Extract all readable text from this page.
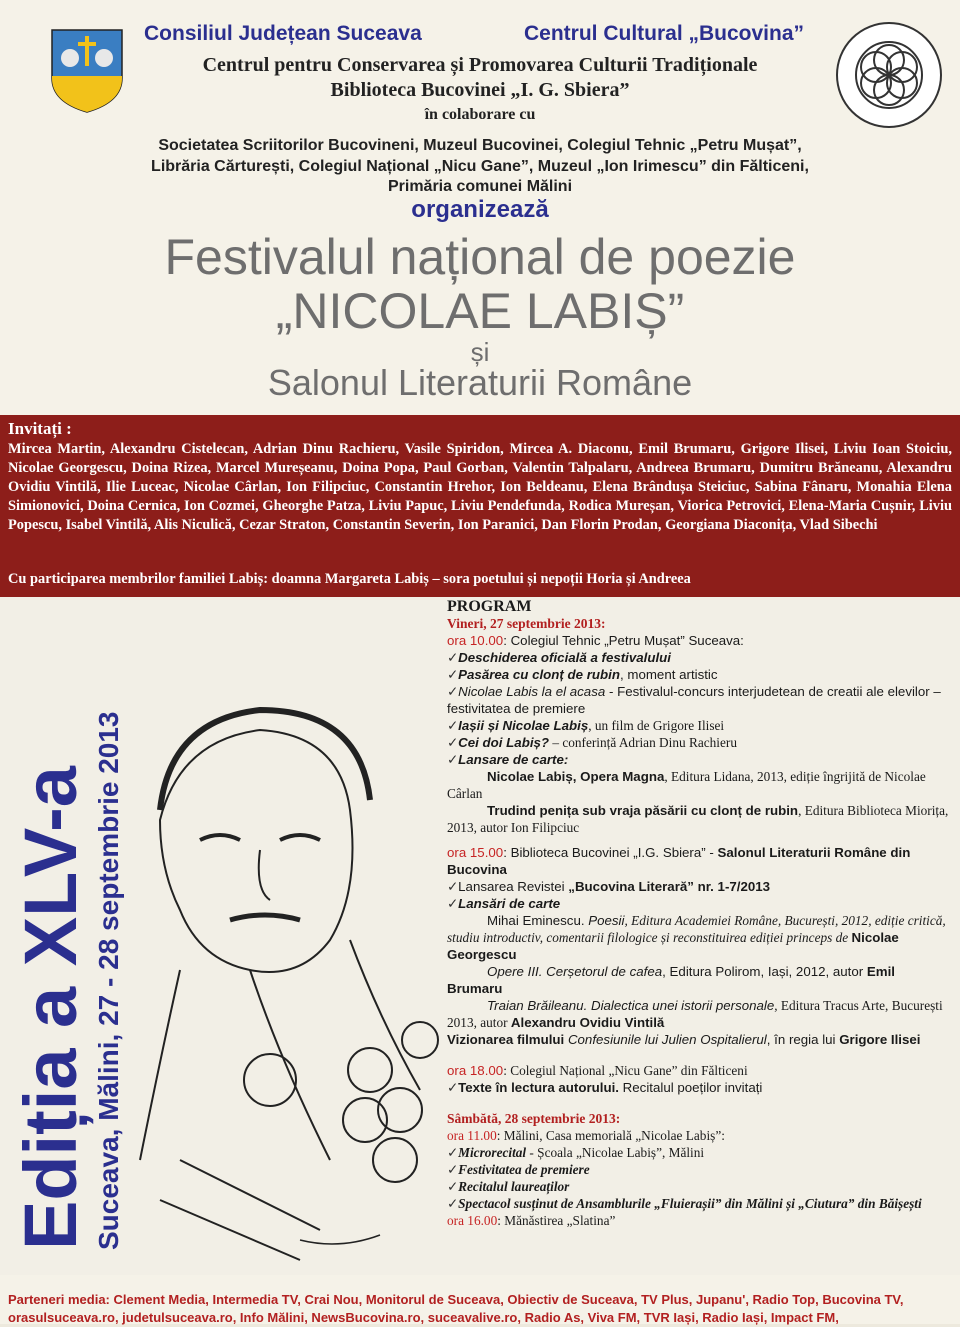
Consiliul Județean Suceava	Centrul Cultural „Bucovina”
Centrul pentru Conservarea și Promovarea Culturii Tradiționale
Biblioteca Bucovinei „I. G. Sbiera”
în colaborare cu
Societatea Scriitorilor Bucovineni, Muzeul Bucovinei, Colegiul Tehnic „Petru Mușat”,
Librăria Cărturești, Colegiul Național „Nicu Gane”, Muzeul „Ion Irimescu” din Fălticeni,
Primăria comunei Mălini
organizează
Festivalul național de poezie
„NICOLAE LABIȘ”
și
Salonul Literaturii Române
Invitați :
Mircea Martin, Alexandru Cistelecan, Adrian Dinu Rachieru, Vasile Spiridon, Mircea A. Diaconu, Emil Brumaru, Grigore Ilisei, Liviu Ioan Stoiciu, Nicolae Georgescu, Doina Rizea, Marcel Mureșeanu, Doina Popa, Paul Gorban, Valentin Talpalaru, Andreea Brumaru, Dumitru Brăneanu, Alexandru Ovidiu Vintilă, Ilie Luceac, Nicolae Cârlan, Ion Filipciuc, Constantin Hrehor, Ion Beldeanu, Elena Brândușa Steiciuc, Sabina Fânaru, Monahia Elena Simionovici, Doina Cernica, Ion Cozmei, Gheorghe Patza, Liviu Papuc, Liviu Pendefunda, Rodica Mureșan, Viorica Petrovici, Elena-Maria Cușnir, Liviu Popescu, Isabel Vintilă, Alis Niculică, Cezar Straton, Constantin Severin, Ion Paranici, Dan Florin Prodan, Georgiana Diaconița, Vlad Sibechi
Cu participarea membrilor familiei Labiș: doamna Margareta Labiș – sora poetului și nepoții Horia și Andreea
Ediția a XLV-a Suceava, Mălini, 27 - 28 septembrie 2013
PROGRAM
Vineri, 27 septembrie 2013:

ora 10.00: Colegiul Tehnic „Petru Mușat” Suceava:

✓Deschiderea oficială a festivalului

✓Pasărea cu clonț de rubin, moment artistic

✓Nicolae Labis la el acasa - Festivalul-concurs interjudetean de creatii ale elevilor – festivitatea de premiere

✓Iașii și Nicolae Labiș, un film de Grigore Ilisei

✓Cei doi Labiș? – conferință Adrian Dinu Rachieru

✓Lansare de carte:

Nicolae Labiș, Opera Magna, Editura Lidana, 2013, ediție îngrijită de Nicolae Cârlan

Trudind penița sub vraja păsării cu clonț de rubin, Editura Biblioteca Miorița, 2013, autor Ion Filipciuc

ora 15.00: Biblioteca Bucovinei „I.G. Sbiera” - Salonul Literaturii Române din Bucovina

✓Lansarea Revistei „Bucovina Literară” nr. 1-7/2013

✓Lansări de carte

Mihai Eminescu. Poesii, Editura Academiei Române, București, 2012, ediție critică, studiu introductiv, comentarii filologice și reconstituirea ediției princeps de Nicolae Georgescu

Opere III. Cerșetorul de cafea, Editura Polirom, Iași, 2012, autor Emil Brumaru

Traian Brăileanu. Dialectica unei istorii personale, Editura Tracus Arte, București 2013, autor Alexandru Ovidiu Vintilă

Vizionarea filmului Confesiunile lui Julien Ospitalierul, în regia lui Grigore Ilisei

ora 18.00: Colegiul Național „Nicu Gane” din Fălticeni

✓Texte în lectura autorului. Recitalul poeților invitați

Sâmbătă, 28 septembrie 2013:

ora 11.00: Mălini, Casa memorială „Nicolae Labiș”:

✓Microrecital - Școala „Nicolae Labiș”, Mălini

✓Festivitatea de premiere

✓Recitalul laureaților

✓Spectacol susținut de Ansamblurile „Fluierașii” din Mălini și „Ciutura” din Băișești

ora 16.00: Mănăstirea „Slatina”

Parteneri media: Clement Media, Intermedia TV, Crai Nou, Monitorul de Suceava, Obiectiv de Suceava, TV Plus, Jupanu', Radio Top, Bucovina TV, orasulsuceava.ro, judetulsuceava.ro, Info Mălini, NewsBucovina.ro, suceavalive.ro, Radio As, Viva FM, TVR Iași, Radio Iași, Impact FM,
